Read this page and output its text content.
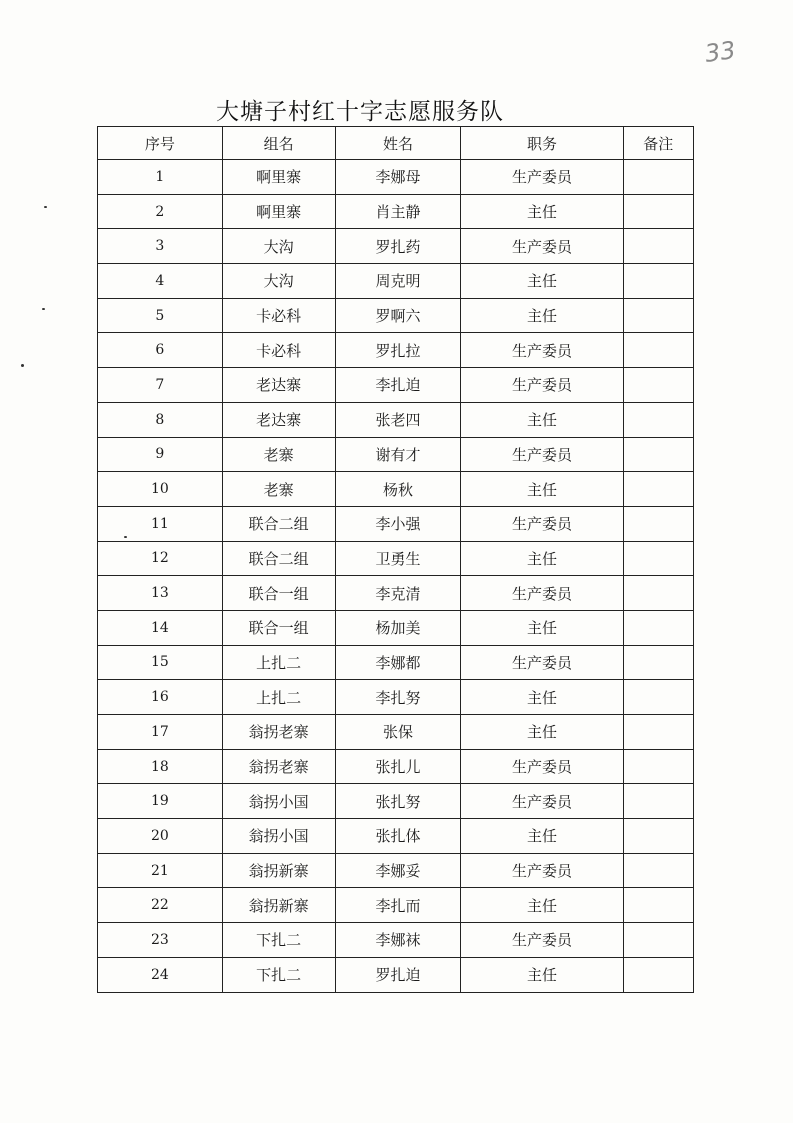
33
大塘子村红十字志愿服务队
序号	组名	姓名	职务	备注
1	啊里寨	李娜母	生产委员	
2	啊里寨	肖主静	主任	
3	大沟	罗扎药	生产委员	
4	大沟	周克明	主任	
5	卡必科	罗啊六	主任	
6	卡必科	罗扎拉	生产委员	
7	老达寨	李扎迫	生产委员	
8	老达寨	张老四	主任	
9	老寨	谢有才	生产委员	
10	老寨	杨秋	主任	
11	联合二组	李小强	生产委员	
12	联合二组	卫勇生	主任	
13	联合一组	李克清	生产委员	
14	联合一组	杨加美	主任	
15	上扎二	李娜都	生产委员	
16	上扎二	李扎努	主任	
17	翁拐老寨	张保	主任	
18	翁拐老寨	张扎儿	生产委员	
19	翁拐小国	张扎努	生产委员	
20	翁拐小国	张扎体	主任	
21	翁拐新寨	李娜妥	生产委员	
22	翁拐新寨	李扎而	主任	
23	下扎二	李娜袜	生产委员	
24	下扎二	罗扎迫	主任	
